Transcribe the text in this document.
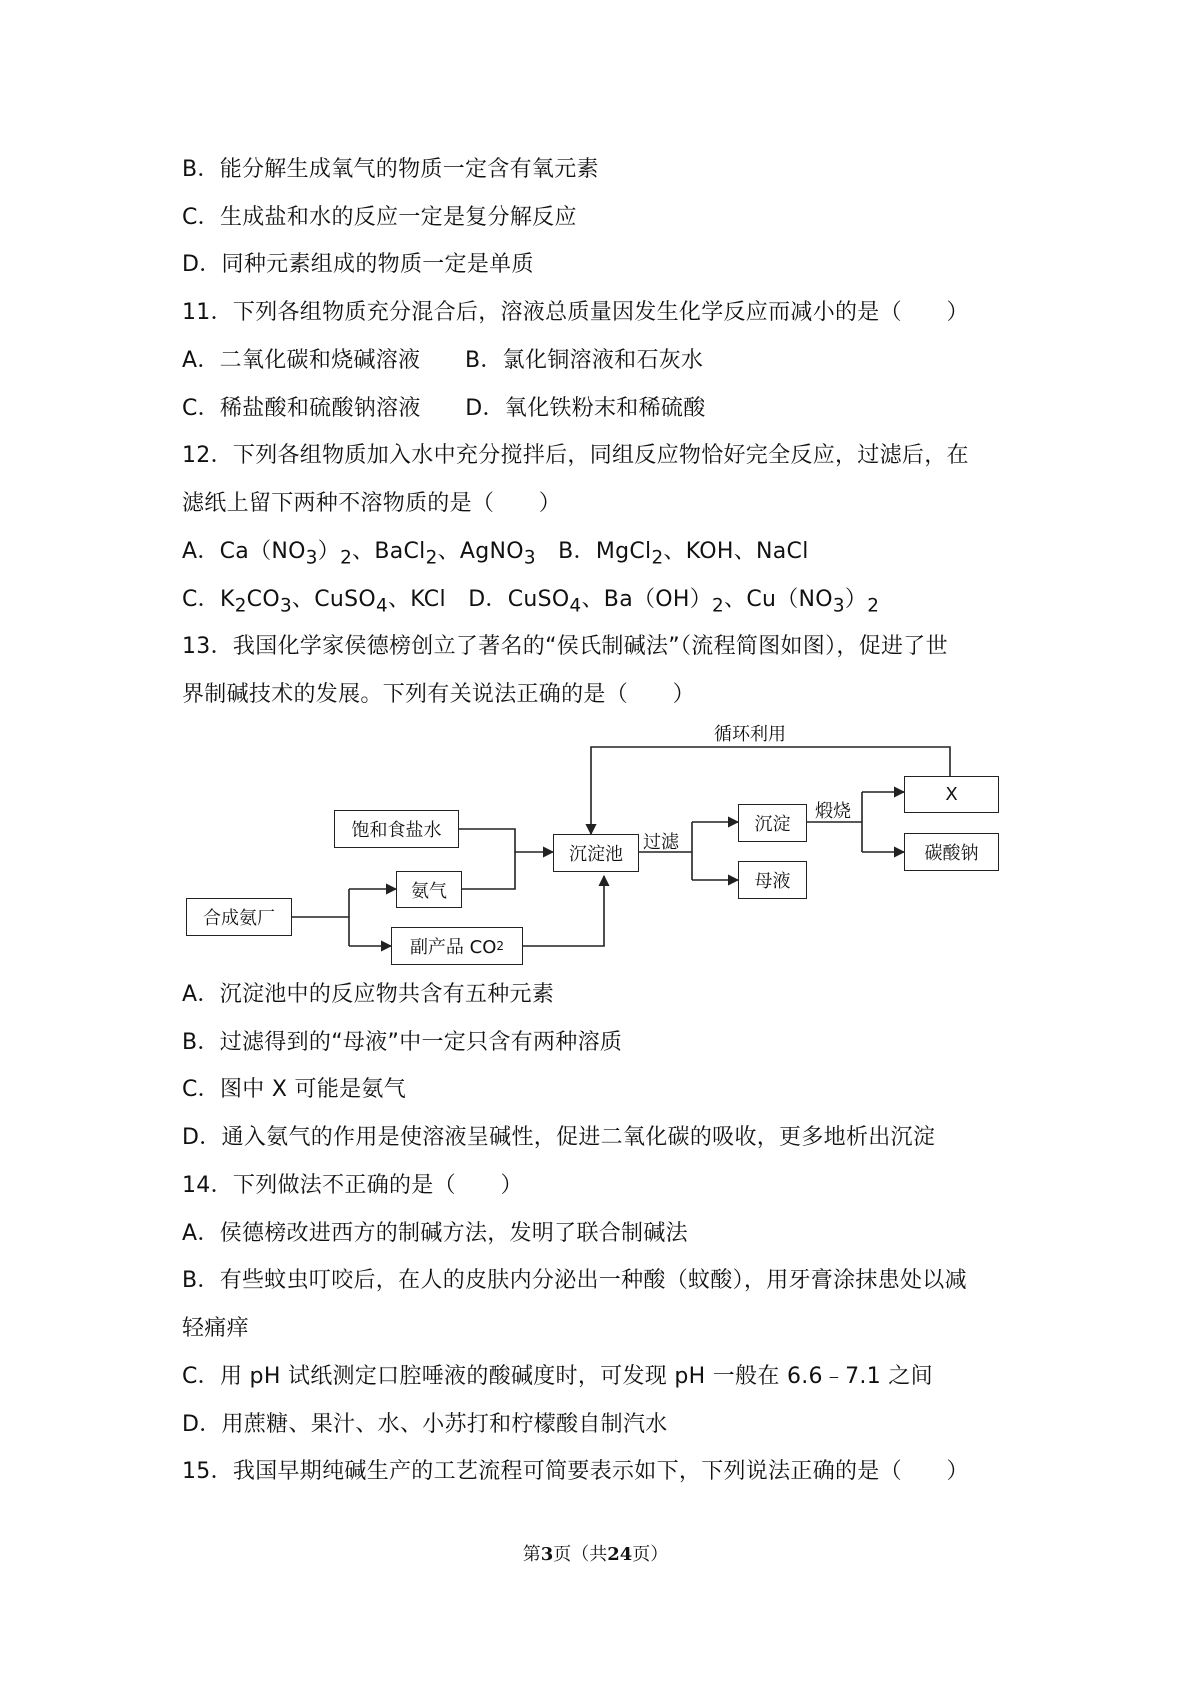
B．能分解生成氧气的物质一定含有氧元素
C．生成盐和水的反应一定是复分解反应
D．同种元素组成的物质一定是单质
11．下列各组物质充分混合后，溶液总质量因发生化学反应而减小的是（　　）
A．二氧化碳和烧碱溶液　　B．氯化铜溶液和石灰水
C．稀盐酸和硫酸钠溶液　　D．氧化铁粉末和稀硫酸
12．下列各组物质加入水中充分搅拌后，同组反应物恰好完全反应，过滤后，在
滤纸上留下两种不溶物质的是（　　）
A．$Ca(NO_3)_2$、BaCl$_2$、AgNO$_3$　B．MgCl$_2$、KOH、NaCl
C．$K_2CO_3$、CuSO$_4$、KCl　D．CuSO$_4$、$Ba(OH)_2$、$Cu(NO_3)_2$
13．我国化学家侯德榜创立了著名的“侯氏制碱法”（流程简图如图），促进了世
界制碱技术的发展。下列有关说法正确的是（　　）
循环利用
过滤
煅烧
饱和食盐水
氨气
合成氨厂
副产品 CO 2
沉淀池
沉淀
母液
X
碳酸钠
A．沉淀池中的反应物共含有五种元素
B．过滤得到的“母液”中一定只含有两种溶质
C．图中 X 可能是氨气
D．通入氨气的作用是使溶液呈碱性，促进二氧化碳的吸收，更多地析出沉淀
14．下列做法不正确的是（　　）
A．侯德榜改进西方的制碱方法，发明了联合制碱法
B．有些蚊虫叮咬后，在人的皮肤内分泌出一种酸（蚊酸），用牙膏涂抹患处以减
轻痛痒
C．用 pH 试纸测定口腔唾液的酸碱度时，可发现 pH 一般在 6.6﹣7.1 之间
D．用蔗糖、果汁、水、小苏打和柠檬酸自制汽水
15．我国早期纯碱生产的工艺流程可简要表示如下，下列说法正确的是（　　）
第3页（共24页）
